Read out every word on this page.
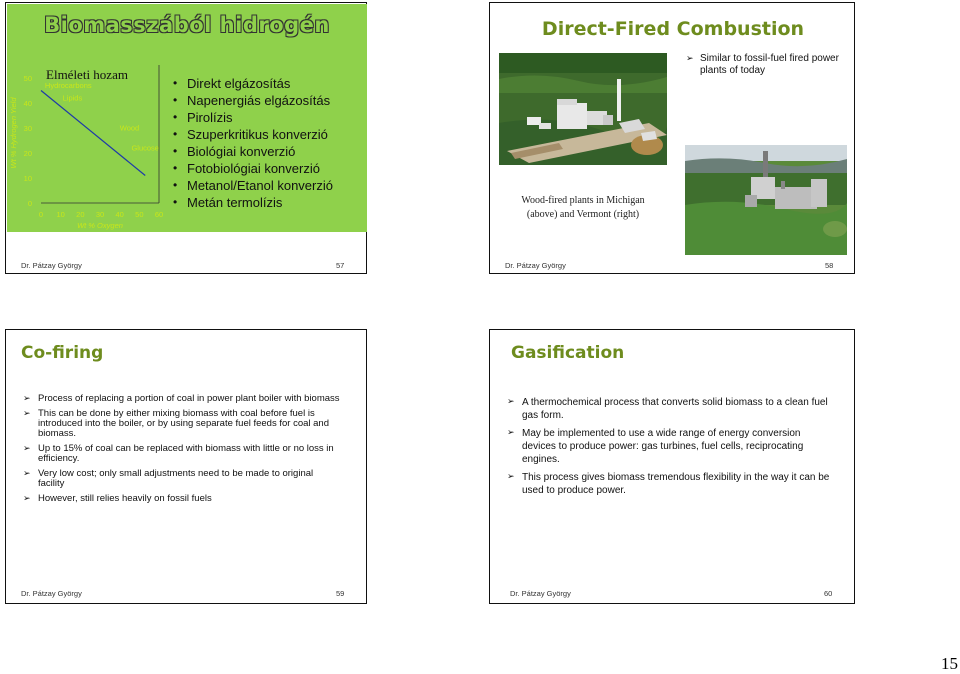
Biomasszából hidrogén
Elméleti hozam
Wt % Hydrogen Yield
50
40
30
20
10
0
0 10 20 30 40 50 60
Hydrocarbons
Lipids
Wood
Glucose
Wt % Oxygen
• Direkt elgázosítás
• Napenergiás elgázosítás
• Pirolízis
• Szuperkritikus konverzió
• Biológiai konverzió
• Fotobiológiai konverzió
• Metanol/Etanol konverzió
• Metán termolízis
Dr. Pátzay György	57
Direct-Fired Combustion
Wood-fired plants in Michigan
(above) and Vermont (right)
➢ Similar to fossil-fuel fired power plants of today
Dr. Pátzay György	58
Co-firing
➢ Process of replacing a portion of coal in power plant boiler with biomass
➢ This can be done by either mixing biomass with coal before fuel is introduced into the boiler, or by using separate fuel feeds for coal and biomass.
➢ Up to 15% of coal can be replaced with biomass with little or no loss in efficiency.
➢ Very low cost; only small adjustments need to be made to original facility
➢ However, still relies heavily on fossil fuels
Dr. Pátzay György	59
Gasification
➢ A thermochemical process that converts solid biomass to a clean fuel gas form.
➢ May be implemented to use a wide range of energy conversion devices to produce power: gas turbines, fuel cells, reciprocating engines.
➢ This process gives biomass tremendous flexibility in the way it can be used to produce power.
Dr. Pátzay György	60
15
